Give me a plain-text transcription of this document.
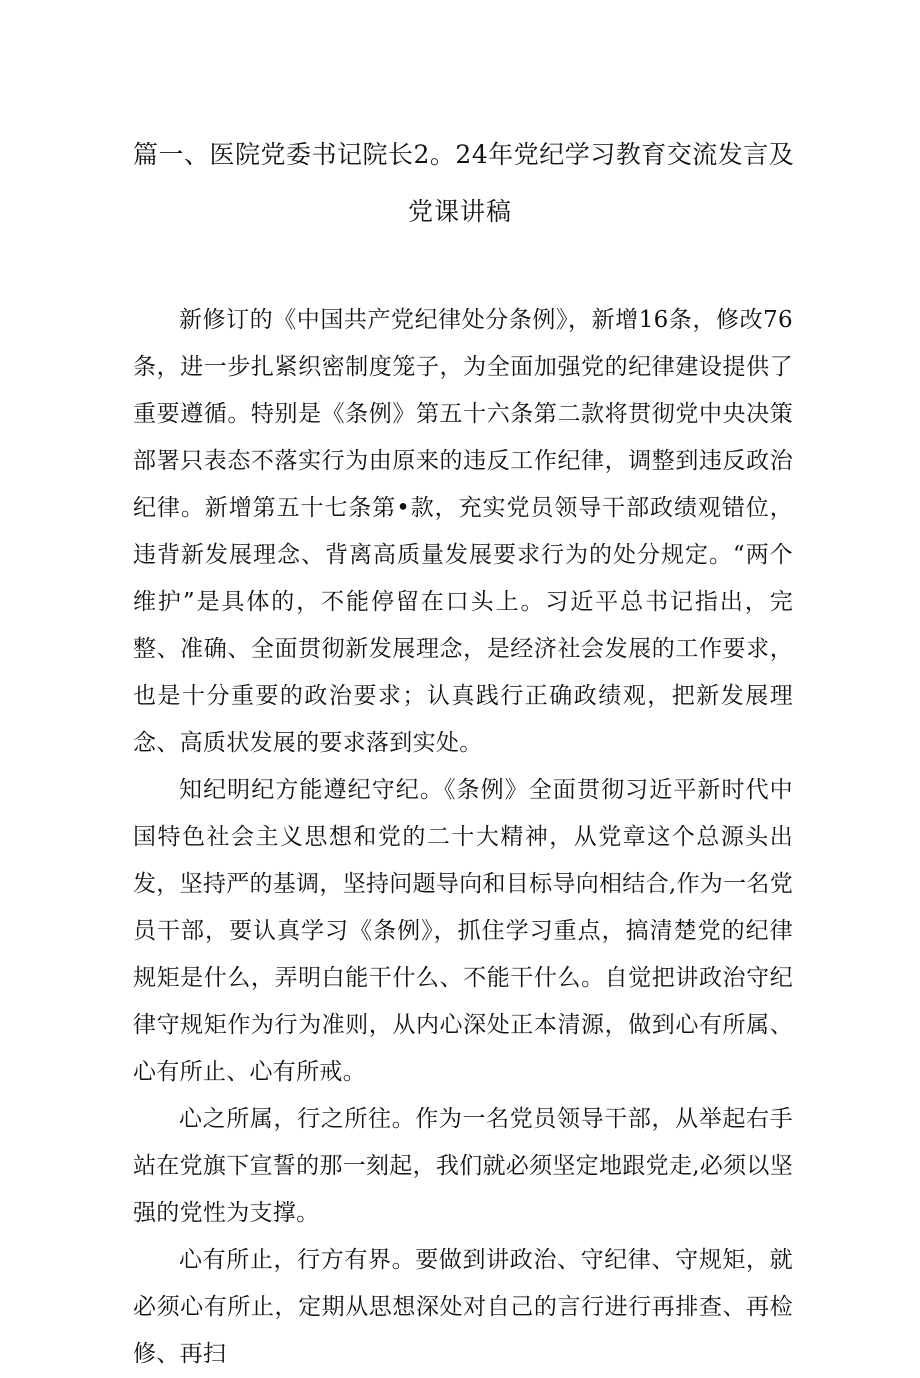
篇一、医院党委书记院长2。24年党纪学习教育交流发言及
党课讲稿

新修订的《中国共产党纪律处分条例》，新增16条，修改76条，进一步扎紧织密制度笼子，为全面加强党的纪律建设提供了重要遵循。特别是《条例》第五十六条第二款将贯彻党中央决策部署只表态不落实行为由原来的违反工作纪律，调整到违反政治纪律。新增第五十七条第•款，充实党员领导干部政绩观错位，违背新发展理念、背离高质量发展要求行为的处分规定。“两个维护”是具体的，不能停留在口头上。习近平总书记指出，完整、准确、全面贯彻新发展理念，是经济社会发展的工作要求，也是十分重要的政治要求；认真践行正确政绩观，把新发展理念、高质状发展的要求落到实处。

知纪明纪方能遵纪守纪。《条例》全面贯彻习近平新时代中国特色社会主义思想和党的二十大精神，从党章这个总源头出发，坚持严的基调，坚持问题导向和目标导向相结合,作为一名党员干部，要认真学习《条例》，抓住学习重点，搞清楚党的纪律规矩是什么，弄明白能干什么、不能干什么。自觉把讲政治守纪律守规矩作为行为准则，从内心深处正本清源，做到心有所属、心有所止、心有所戒。

心之所属，行之所往。作为一名党员领导干部，从举起右手站在党旗下宣誓的那一刻起，我们就必须坚定地跟党走,必须以坚强的党性为支撑。

心有所止，行方有界。要做到讲政治、守纪律、守规矩，就必须心有所止，定期从思想深处对自己的言行进行再排查、再检修、再扫
